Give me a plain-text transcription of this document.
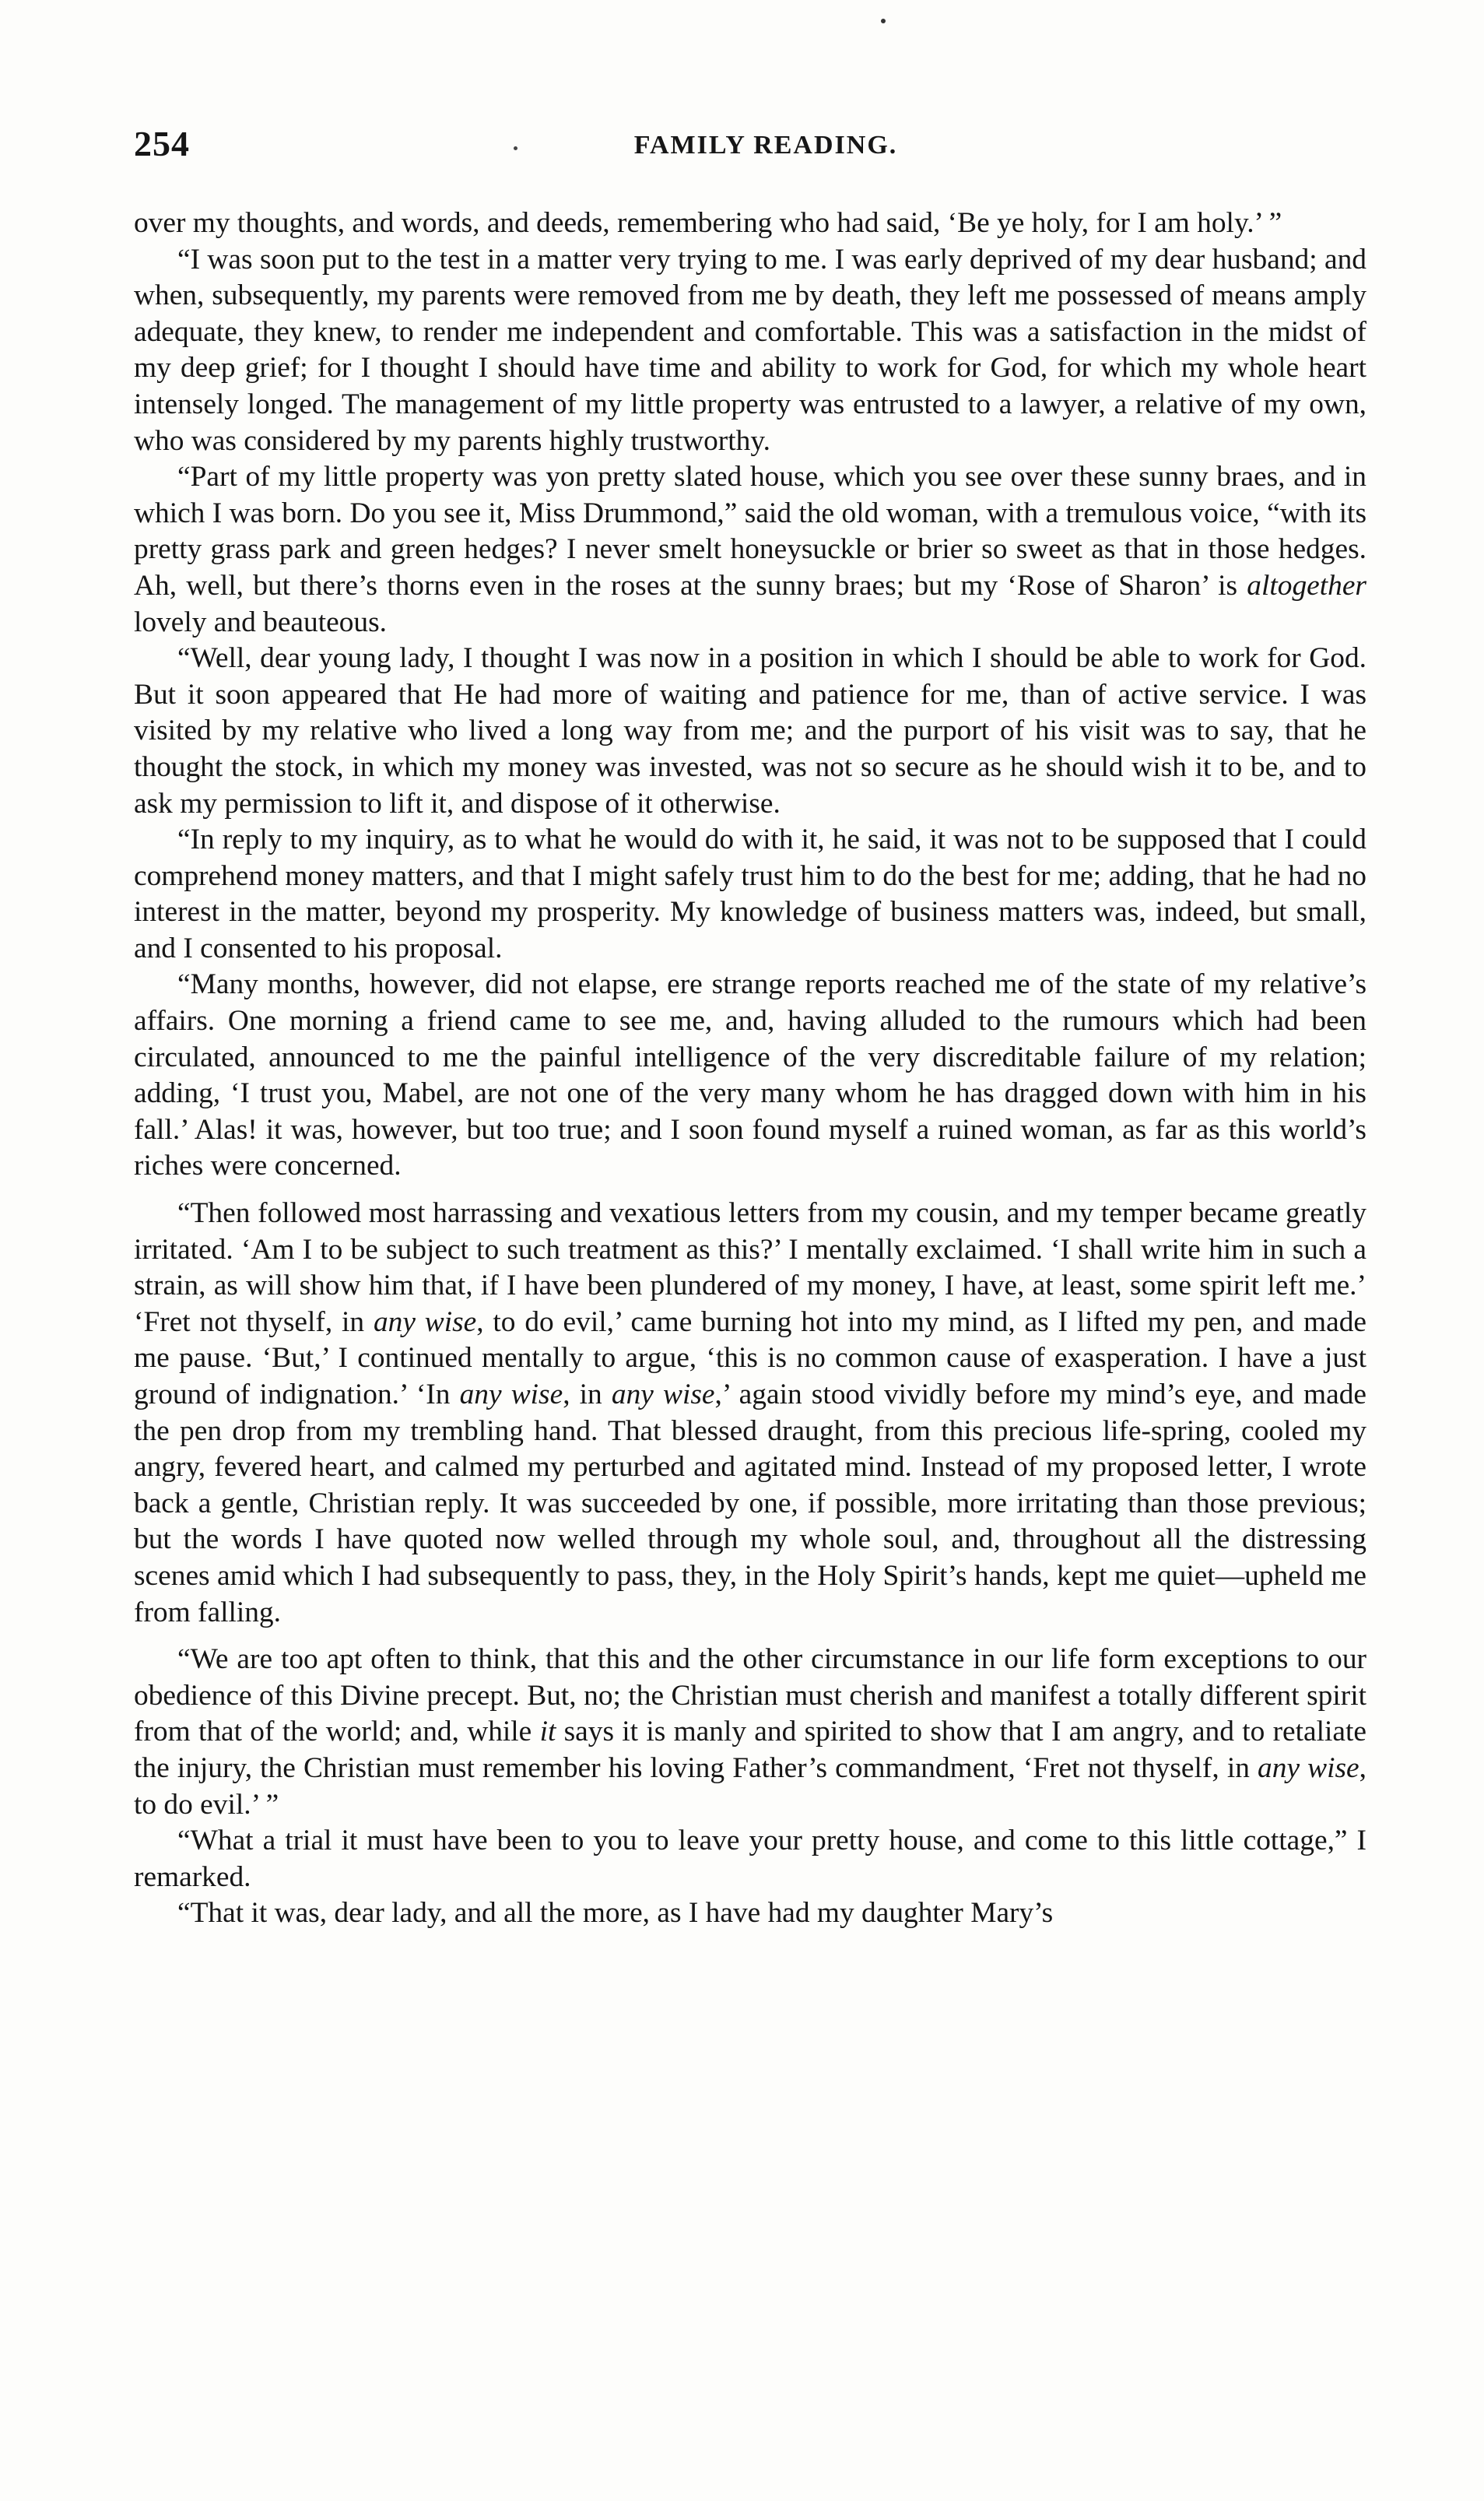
254	FAMILY READING.

over my thoughts, and words, and deeds, remembering who had said, ‘Be ye holy, for I am holy.’ ”

“I was soon put to the test in a matter very trying to me. I was early deprived of my dear husband; and when, subsequently, my parents were removed from me by death, they left me possessed of means amply adequate, they knew, to render me independent and comfortable. This was a satisfaction in the midst of my deep grief; for I thought I should have time and ability to work for God, for which my whole heart intensely longed. The management of my little property was entrusted to a lawyer, a relative of my own, who was considered by my parents highly trustworthy.

“Part of my little property was yon pretty slated house, which you see over these sunny braes, and in which I was born. Do you see it, Miss Drummond,” said the old woman, with a tremulous voice, “with its pretty grass park and green hedges? I never smelt honeysuckle or brier so sweet as that in those hedges. Ah, well, but there’s thorns even in the roses at the sunny braes; but my ‘Rose of Sharon’ is altogether lovely and beauteous.

“Well, dear young lady, I thought I was now in a position in which I should be able to work for God. But it soon appeared that He had more of waiting and patience for me, than of active service. I was visited by my relative who lived a long way from me; and the purport of his visit was to say, that he thought the stock, in which my money was invested, was not so secure as he should wish it to be, and to ask my permission to lift it, and dispose of it otherwise.

“In reply to my inquiry, as to what he would do with it, he said, it was not to be supposed that I could comprehend money matters, and that I might safely trust him to do the best for me; adding, that he had no interest in the matter, beyond my prosperity. My knowledge of business matters was, indeed, but small, and I consented to his proposal.

“Many months, however, did not elapse, ere strange reports reached me of the state of my relative’s affairs. One morning a friend came to see me, and, having alluded to the rumours which had been circulated, announced to me the painful intelligence of the very discreditable failure of my relation; adding, ‘I trust you, Mabel, are not one of the very many whom he has dragged down with him in his fall.’ Alas! it was, however, but too true; and I soon found myself a ruined woman, as far as this world’s riches were concerned.

“Then followed most harrassing and vexatious letters from my cousin, and my temper became greatly irritated. ‘Am I to be subject to such treatment as this?’ I mentally exclaimed. ‘I shall write him in such a strain, as will show him that, if I have been plundered of my money, I have, at least, some spirit left me.’ ‘Fret not thyself, in any wise, to do evil,’ came burning hot into my mind, as I lifted my pen, and made me pause. ‘But,’ I continued mentally to argue, ‘this is no common cause of exasperation. I have a just ground of indignation.’ ‘In any wise, in any wise,’ again stood vividly before my mind’s eye, and made the pen drop from my trembling hand. That blessed draught, from this precious life-spring, cooled my angry, fevered heart, and calmed my perturbed and agitated mind. Instead of my proposed letter, I wrote back a gentle, Christian reply. It was succeeded by one, if possible, more irritating than those previous; but the words I have quoted now welled through my whole soul, and, throughout all the distressing scenes amid which I had subsequently to pass, they, in the Holy Spirit’s hands, kept me quiet—upheld me from falling.

“We are too apt often to think, that this and the other circumstance in our life form exceptions to our obedience of this Divine precept. But, no; the Christian must cherish and manifest a totally different spirit from that of the world; and, while it says it is manly and spirited to show that I am angry, and to retaliate the injury, the Christian must remember his loving Father’s commandment, ‘Fret not thyself, in any wise, to do evil.’ ”

“What a trial it must have been to you to leave your pretty house, and come to this little cottage,” I remarked.

“That it was, dear lady, and all the more, as I have had my daughter Mary’s
